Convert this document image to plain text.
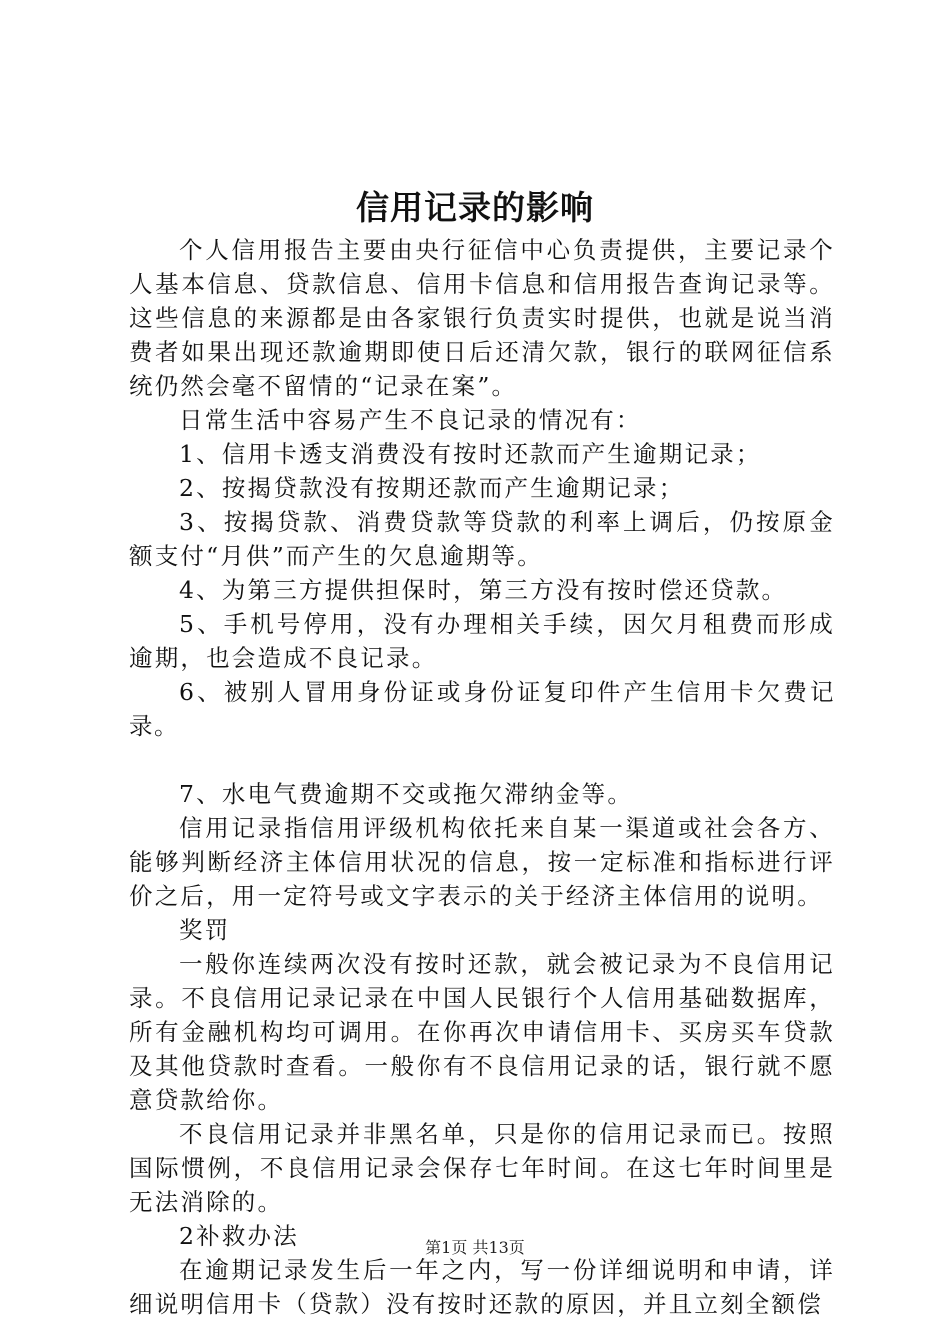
信用记录的影响

个人信用报告主要由央行征信中心负责提供，主要记录个人基本信息、贷款信息、信用卡信息和信用报告查询记录等。这些信息的来源都是由各家银行负责实时提供，也就是说当消费者如果出现还款逾期即使日后还清欠款，银行的联网征信系统仍然会毫不留情的“记录在案”。

日常生活中容易产生不良记录的情况有：

1、信用卡透支消费没有按时还款而产生逾期记录；

2、按揭贷款没有按期还款而产生逾期记录；

3、按揭贷款、消费贷款等贷款的利率上调后，仍按原金额支付“月供”而产生的欠息逾期等。

4、为第三方提供担保时，第三方没有按时偿还贷款。

5、手机号停用，没有办理相关手续，因欠月租费而形成逾期，也会造成不良记录。

6、被别人冒用身份证或身份证复印件产生信用卡欠费记录。

7、水电气费逾期不交或拖欠滞纳金等。

信用记录指信用评级机构依托来自某一渠道或社会各方、能够判断经济主体信用状况的信息，按一定标准和指标进行评价之后，用一定符号或文字表示的关于经济主体信用的说明。

奖罚

一般你连续两次没有按时还款，就会被记录为不良信用记录。不良信用记录记录在中国人民银行个人信用基础数据库，所有金融机构均可调用。在你再次申请信用卡、买房买车贷款及其他贷款时查看。一般你有不良信用记录的话，银行就不愿意贷款给你。

不良信用记录并非黑名单，只是你的信用记录而已。按照国际惯例，不良信用记录会保存七年时间。在这七年时间里是无法消除的。

2补救办法

在逾期记录发生后一年之内，写一份详细说明和申请，详细说明信用卡（贷款）没有按时还款的原因，并且立刻全额偿

第1页 共13页
